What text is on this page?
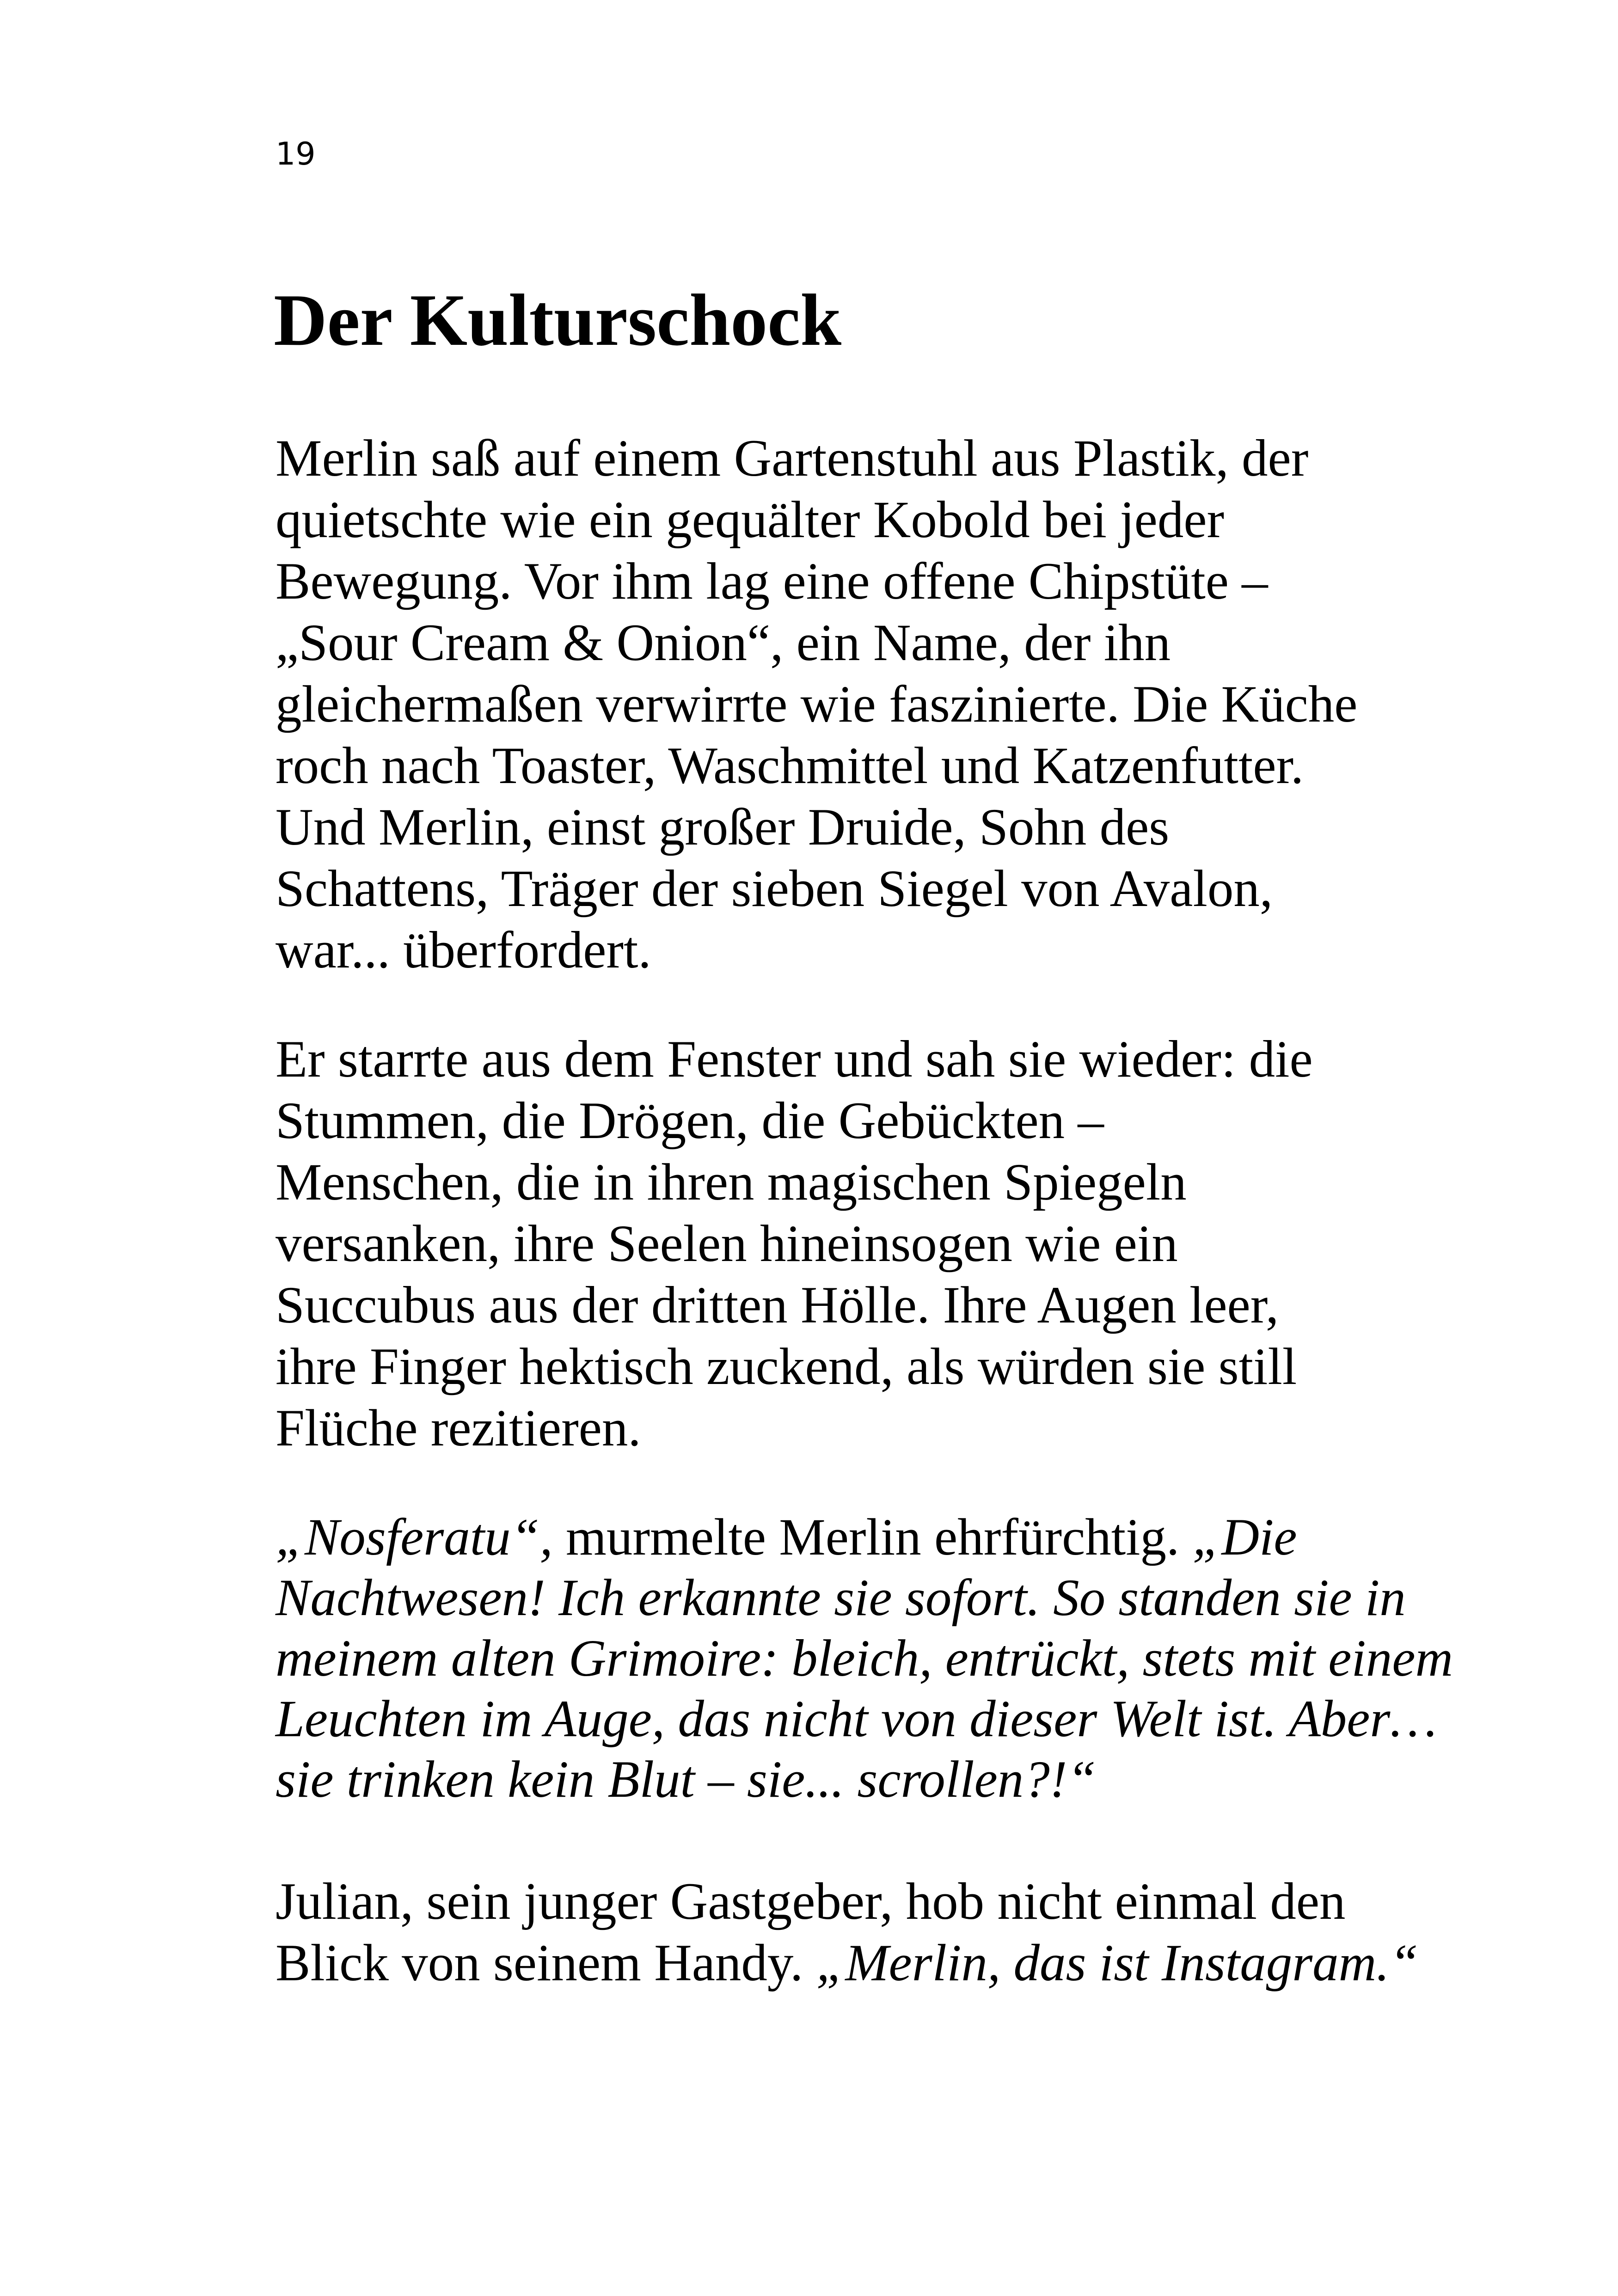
19
Der Kulturschock

Merlin saß auf einem Gartenstuhl aus Plastik, der
quietschte wie ein gequälter Kobold bei jeder
Bewegung. Vor ihm lag eine offene Chipstüte –
„Sour Cream & Onion“, ein Name, der ihn
gleichermaßen verwirrte wie faszinierte. Die Küche
roch nach Toaster, Waschmittel und Katzenfutter.
Und Merlin, einst großer Druide, Sohn des
Schattens, Träger der sieben Siegel von Avalon,
war... überfordert.

Er starrte aus dem Fenster und sah sie wieder: die
Stummen, die Drögen, die Gebückten –
Menschen, die in ihren magischen Spiegeln
versanken, ihre Seelen hineinsogen wie ein
Succubus aus der dritten Hölle. Ihre Augen leer,
ihre Finger hektisch zuckend, als würden sie still
Flüche rezitieren.

„Nosferatu“, murmelte Merlin ehrfürchtig. „Die
Nachtwesen! Ich erkannte sie sofort. So standen sie in
meinem alten Grimoire: bleich, entrückt, stets mit einem
Leuchten im Auge, das nicht von dieser Welt ist. Aber…
sie trinken kein Blut – sie... scrollen?!“

Julian, sein junger Gastgeber, hob nicht einmal den
Blick von seinem Handy. „Merlin, das ist Instagram.“
